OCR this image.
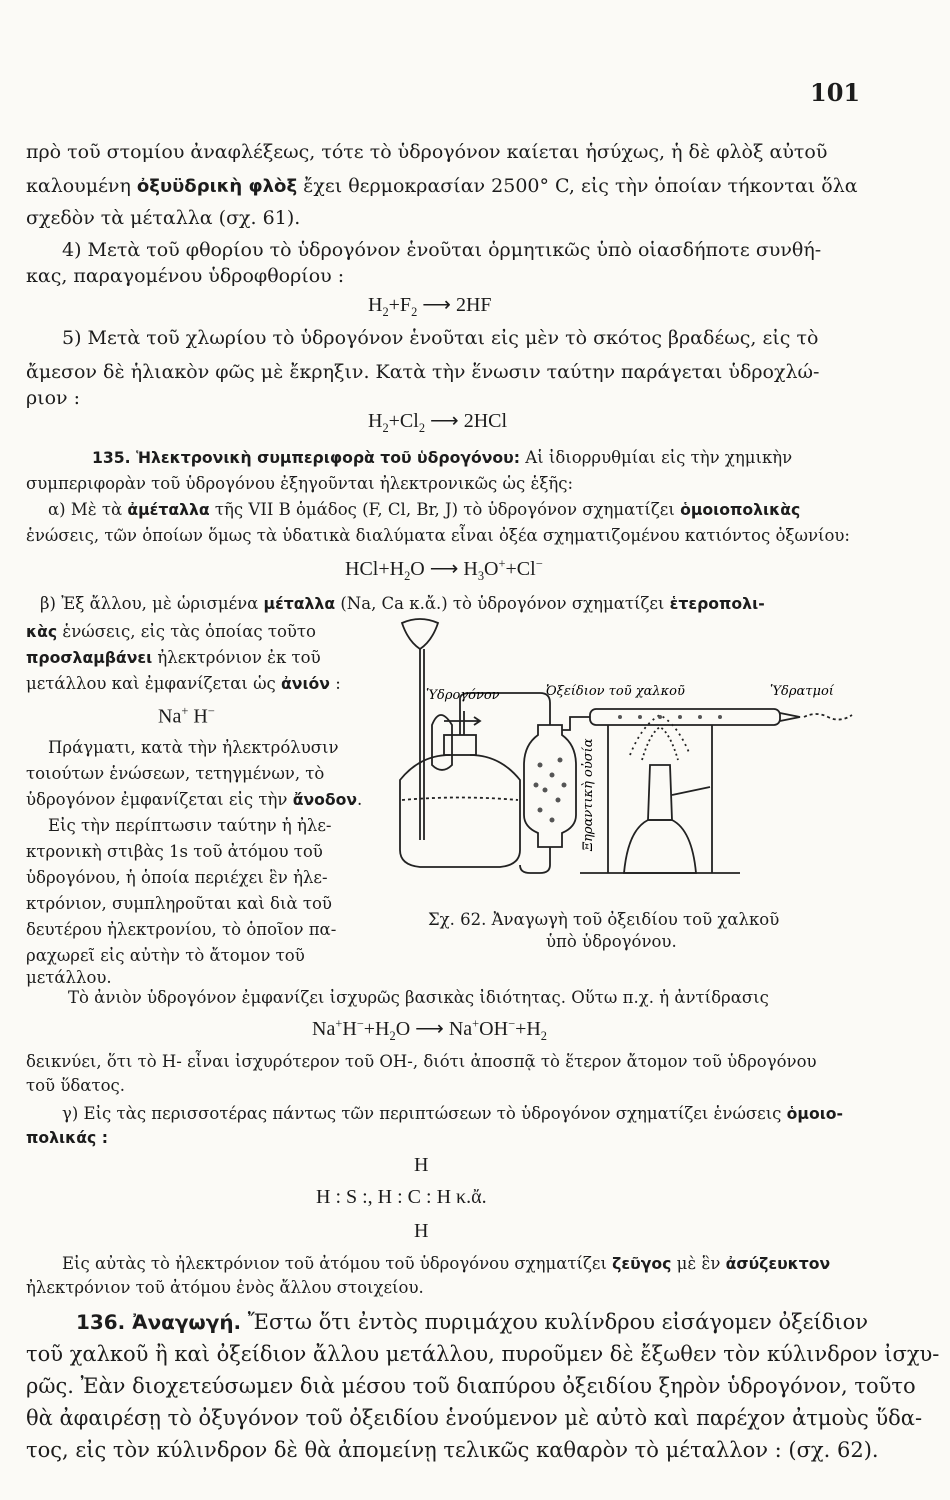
101
πρὸ τοῦ στομίου ἀναφλέξεως, τότε τὸ ὑδρογόνον καίεται ἡσύχως, ἡ δὲ φλὸξ αὐτοῦ
καλουμένη ὀξυϋδρικὴ φλὸξ ἔχει θερμοκρασίαν 2500° C, εἰς τὴν ὁποίαν τήκονται ὅλα
σχεδὸν τὰ μέταλλα (σχ. 61).
4) Μετὰ τοῦ φθορίου τὸ ὑδρογόνον ἑνοῦται ὁρμητικῶς ὑπὸ οἱασδήποτε συνθή-
κας, παραγομένου ὑδροφθορίου :
$H_2+F_2$ ⟶ 2HF
5) Μετὰ τοῦ χλωρίου τὸ ὑδρογόνον ἑνοῦται εἰς μὲν τὸ σκότος βραδέως, εἰς τὸ
ἄμεσον δὲ ἡλιακὸν φῶς μὲ ἔκρηξιν. Κατὰ τὴν ἕνωσιν ταύτην παράγεται ὑδροχλώ-
ριον :
$H_2+Cl_2$ ⟶ 2HCl
135. Ἡλεκτρονικὴ συμπεριφορὰ τοῦ ὑδρογόνου: Αἱ ἰδιορρυθμίαι εἰς τὴν χημικὴν
συμπεριφορὰν τοῦ ὑδρογόνου ἐξηγοῦνται ἠλεκτρονικῶς ὡς ἑξῆς:
α) Μὲ τὰ ἀμέταλλα τῆς VII B ὁμάδος (F, Cl, Br, J) τὸ ὑδρογόνον σχηματίζει ὁμοιοπολικὰς
ἑνώσεις, τῶν ὁποίων ὅμως τὰ ὑδατικὰ διαλύματα εἶναι ὀξέα σχηματιζομένου κατιόντος ὀξωνίου:
$HCl+H_2O$ ⟶ $H_3O^++Cl^-$
β) Ἐξ ἄλλου, μὲ ὡρισμένα μέταλλα (Na, Ca κ.ἄ.) τὸ ὑδρογόνον σχηματίζει ἑτεροπολι-
κὰς ἑνώσεις, εἰς τὰς ὁποίας τοῦτο
προσλαμβάνει ἠλεκτρόνιον ἐκ τοῦ
μετάλλου καὶ ἐμφανίζεται ὡς ἀνιόν :
Na+ H−
Πράγματι, κατὰ τὴν ἠλεκτρόλυσιν
τοιούτων ἑνώσεων, τετηγμένων, τὸ
ὑδρογόνον ἐμφανίζεται εἰς τὴν ἄνοδον.
Εἰς τὴν περίπτωσιν ταύτην ἡ ἠλε-
κτρονικὴ στιβὰς 1s τοῦ ἀτόμου τοῦ
ὑδρογόνου, ἡ ὁποία περιέχει ἓν ἠλε-
κτρόνιον, συμπληροῦται καὶ διὰ τοῦ
δευτέρου ἠλεκτρονίου, τὸ ὁποῖον πα-
ραχωρεῖ εἰς αὐτὴν τὸ ἄτομον τοῦ
μετάλλου.
Ὑδρογόνον	Ὀξείδιον τοῦ χαλκοῦ	Ὑδρατμοί
Ξηραντικὴ οὐσία
Σχ. 62. Ἀναγωγὴ τοῦ ὀξειδίου τοῦ χαλκοῦ
ὑπὸ ὑδρογόνου.
Τὸ ἀνιὸν ὑδρογόνον ἐμφανίζει ἰσχυρῶς βασικὰς ἰδιότητας. Οὕτω π.χ. ἡ ἀντίδρασις
$Na^+H^-+H_2O$ ⟶ $Na^+OH^-+H_2$
δεικνύει, ὅτι τὸ H- εἶναι ἰσχυρότερον τοῦ OH-, διότι ἀποσπᾷ τὸ ἕτερον ἄτομον τοῦ ὑδρογόνου
τοῦ ὕδατος.
γ) Εἰς τὰς περισσοτέρας πάντως τῶν περιπτώσεων τὸ ὑδρογόνον σχηματίζει ἑνώσεις ὁμοιο-
πολικάς :
H
H : S :, H : C : H κ.ἄ.
H
Εἰς αὐτὰς τὸ ἠλεκτρόνιον τοῦ ἀτόμου τοῦ ὑδρογόνου σχηματίζει ζεῦγος μὲ ἓν ἀσύζευκτον
ἠλεκτρόνιον τοῦ ἀτόμου ἑνὸς ἄλλου στοιχείου.
136. Ἀναγωγή. Ἔστω ὅτι ἐντὸς πυριμάχου κυλίνδρου εἰσάγομεν ὀξείδιον
τοῦ χαλκοῦ ἢ καὶ ὀξείδιον ἄλλου μετάλλου, πυροῦμεν δὲ ἔξωθεν τὸν κύλινδρον ἰσχυ-
ρῶς. Ἐὰν διοχετεύσωμεν διὰ μέσου τοῦ διαπύρου ὀξειδίου ξηρὸν ὑδρογόνον, τοῦτο
θὰ ἀφαιρέσῃ τὸ ὀξυγόνον τοῦ ὀξειδίου ἑνούμενον μὲ αὐτὸ καὶ παρέχον ἀτμοὺς ὕδα-
τος, εἰς τὸν κύλινδρον δὲ θὰ ἀπομείνῃ τελικῶς καθαρὸν τὸ μέταλλον : (σχ. 62).
